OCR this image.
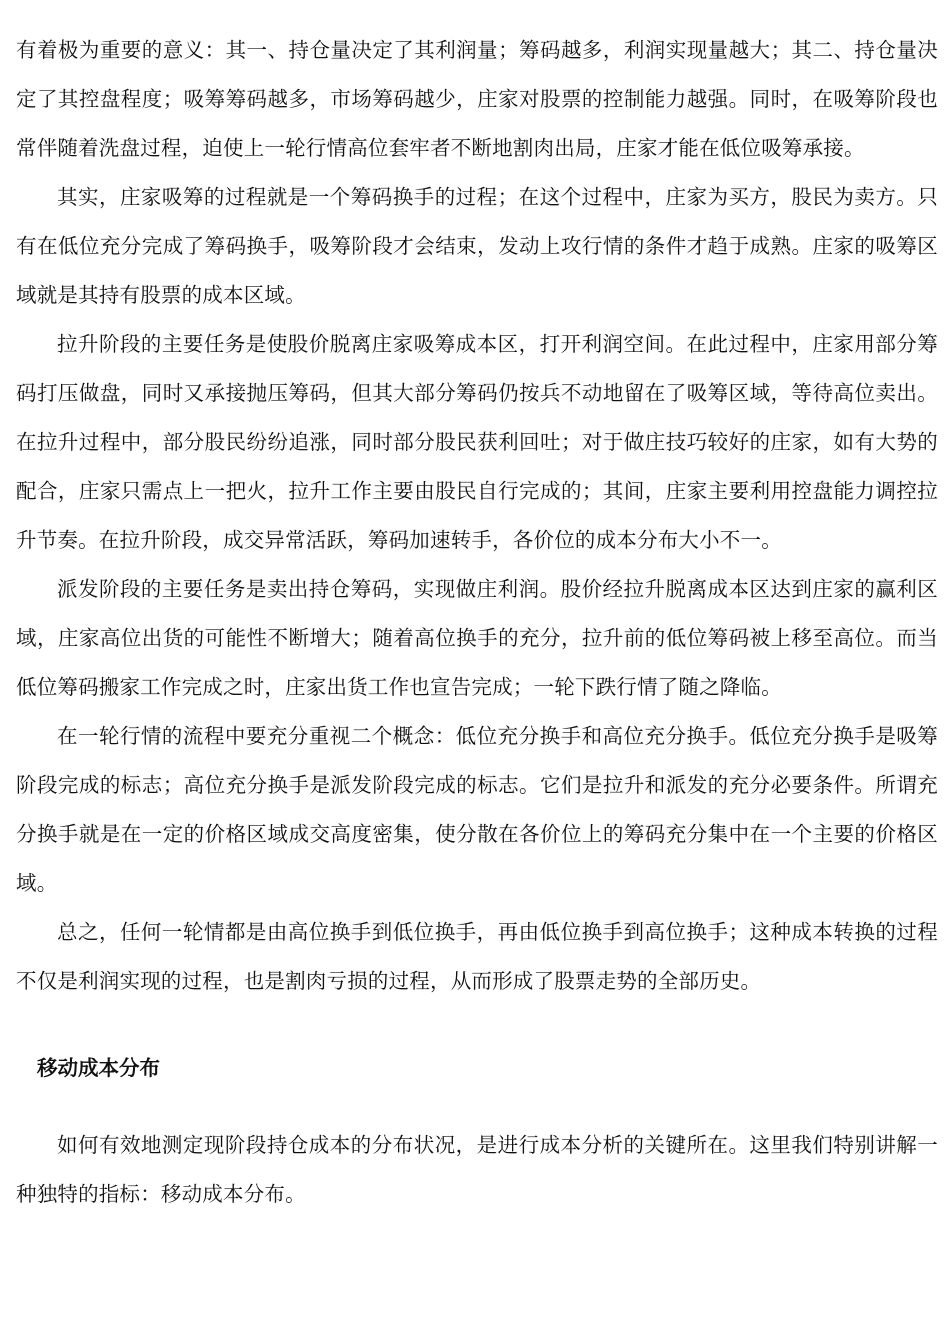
有着极为重要的意义：其一、持仓量决定了其利润量；筹码越多，利润实现量越大；其二、持仓量决定了其控盘程度；吸筹筹码越多，市场筹码越少，庄家对股票的控制能力越强。同时，在吸筹阶段也常伴随着洗盘过程，迫使上一轮行情高位套牢者不断地割肉出局，庄家才能在低位吸筹承接。

其实，庄家吸筹的过程就是一个筹码换手的过程；在这个过程中，庄家为买方，股民为卖方。只有在低位充分完成了筹码换手，吸筹阶段才会结束，发动上攻行情的条件才趋于成熟。庄家的吸筹区域就是其持有股票的成本区域。

拉升阶段的主要任务是使股价脱离庄家吸筹成本区，打开利润空间。在此过程中，庄家用部分筹码打压做盘，同时又承接抛压筹码，但其大部分筹码仍按兵不动地留在了吸筹区域，等待高位卖出。在拉升过程中，部分股民纷纷追涨，同时部分股民获利回吐；对于做庄技巧较好的庄家，如有大势的配合，庄家只需点上一把火，拉升工作主要由股民自行完成的；其间，庄家主要利用控盘能力调控拉升节奏。在拉升阶段，成交异常活跃，筹码加速转手，各价位的成本分布大小不一。

派发阶段的主要任务是卖出持仓筹码，实现做庄利润。股价经拉升脱离成本区达到庄家的赢利区域，庄家高位出货的可能性不断增大；随着高位换手的充分，拉升前的低位筹码被上移至高位。而当低位筹码搬家工作完成之时，庄家出货工作也宣告完成；一轮下跌行情了随之降临。

在一轮行情的流程中要充分重视二个概念：低位充分换手和高位充分换手。低位充分换手是吸筹阶段完成的标志；高位充分换手是派发阶段完成的标志。它们是拉升和派发的充分必要条件。所谓充分换手就是在一定的价格区域成交高度密集，使分散在各价位上的筹码充分集中在一个主要的价格区域。

总之，任何一轮情都是由高位换手到低位换手，再由低位换手到高位换手；这种成本转换的过程不仅是利润实现的过程，也是割肉亏损的过程，从而形成了股票走势的全部历史。

移动成本分布

如何有效地测定现阶段持仓成本的分布状况，是进行成本分析的关键所在。这里我们特别讲解一种独特的指标：移动成本分布。
